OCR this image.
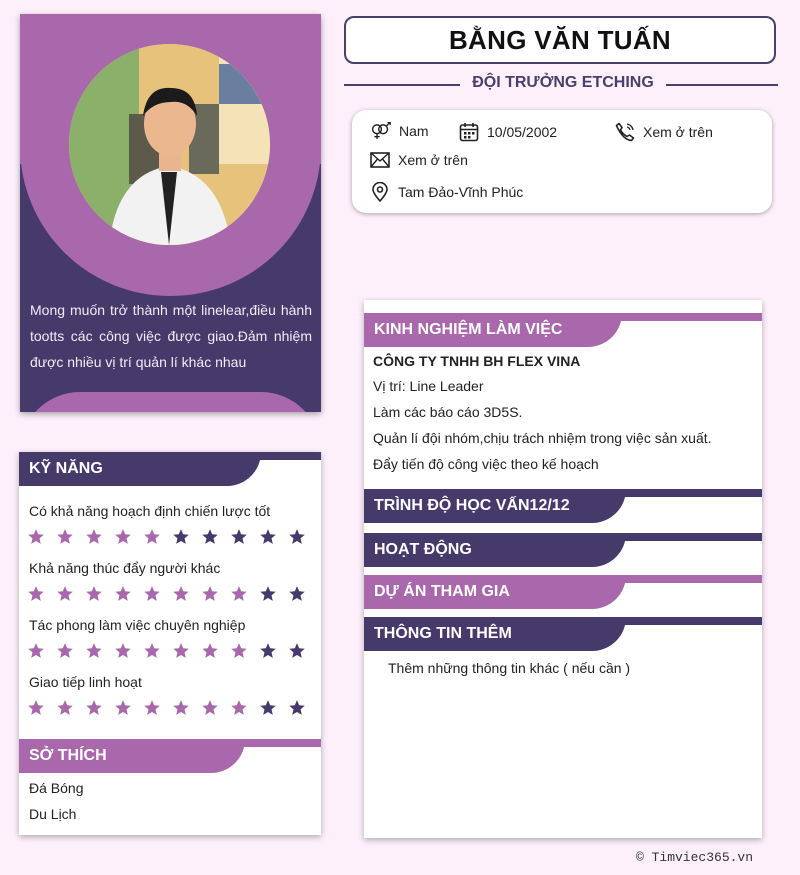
Mong muốn trở thành một linelear,điều hành tootts các công việc được giao.Đảm nhiệm được nhiều vị trí quản lí khác nhau
BẰNG VĂN TUẤN
ĐỘI TRƯỞNG ETCHING
Nam	10/05/2002	Xem ở trên
Xem ở trên
Tam Đảo-Vĩnh Phúc
KỸ NĂNG
Có khả năng hoạch định chiến lược tốt
Khả năng thúc đẩy người khác
Tác phong làm việc chuyên nghiệp
Giao tiếp linh hoạt
SỞ THÍCH
Đá Bóng
Du Lịch
KINH NGHIỆM LÀM VIỆC
CÔNG TY TNHH BH FLEX VINA
Vị trí: Line Leader
Làm các báo cáo 3D5S.
Quản lí đội nhóm,chịu trách nhiệm trong việc sản xuất.
Đẩy tiến độ công việc theo kế hoạch
TRÌNH ĐỘ HỌC VẤN12/12
HOẠT ĐỘNG
DỰ ÁN THAM GIA
THÔNG TIN THÊM
Thêm những thông tin khác ( nếu cần )
© Timviec365.vn
